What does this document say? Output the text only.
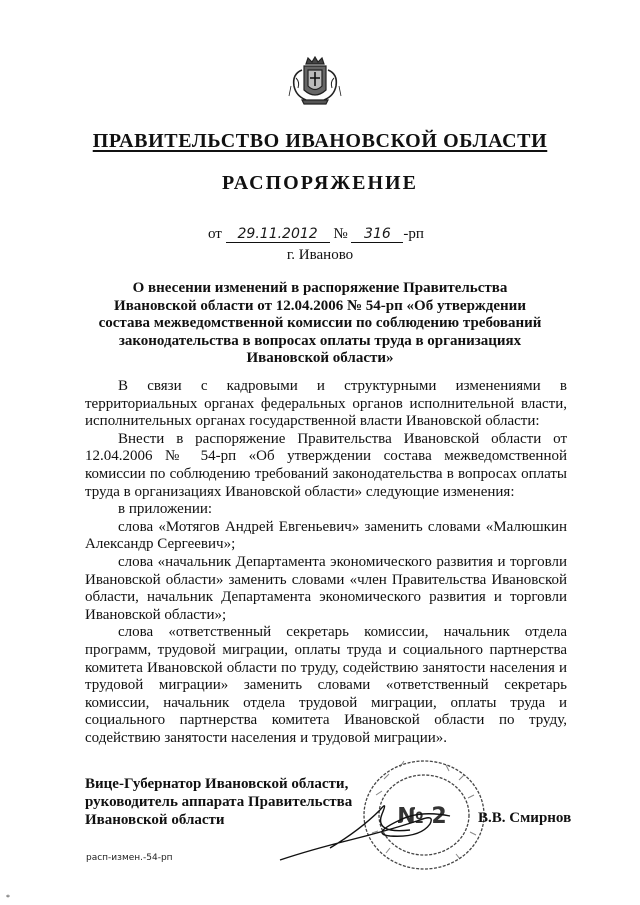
ПРАВИТЕЛЬСТВО ИВАНОВСКОЙ ОБЛАСТИ
РАСПОРЯЖЕНИЕ
от 29.11.2012 № 316 -рп
г. Иваново
О внесении изменений в распоряжение Правительства Ивановской области от 12.04.2006 № 54-рп «Об утверждении состава межведомственной комиссии по соблюдению требований законодательства в вопросах оплаты труда в организациях Ивановской области»

В связи с кадровыми и структурными изменениями в территориальных органах федеральных органов исполнительной власти, исполнительных органах государственной власти Ивановской области:

Внести в распоряжение Правительства Ивановской области от 12.04.2006 № 54-рп «Об утверждении состава межведомственной комиссии по соблюдению требований законодательства в вопросах оплаты труда в организациях Ивановской области» следующие изменения:

в приложении:

слова «Мотягов Андрей Евгеньевич» заменить словами «Малюшкин Александр Сергеевич»;

слова «начальник Департамента экономического развития и торговли Ивановской области» заменить словами «член Правительства Ивановской области, начальник Департамента экономического развития и торговли Ивановской области»;

слова «ответственный секретарь комиссии, начальник отдела программ, трудовой миграции, оплаты труда и социального партнерства комитета Ивановской области по труду, содействию занятости населения и трудовой миграции» заменить словами «ответственный секретарь комиссии, начальник отдела трудовой миграции, оплаты труда и социального партнерства комитета Ивановской области по труду, содействию занятости населения и трудовой миграции».

№ 2
Вице-Губернатор Ивановской области,
руководитель аппарата Правительства
Ивановской области	В.В. Смирнов
расп-измен.-54-рп
*
